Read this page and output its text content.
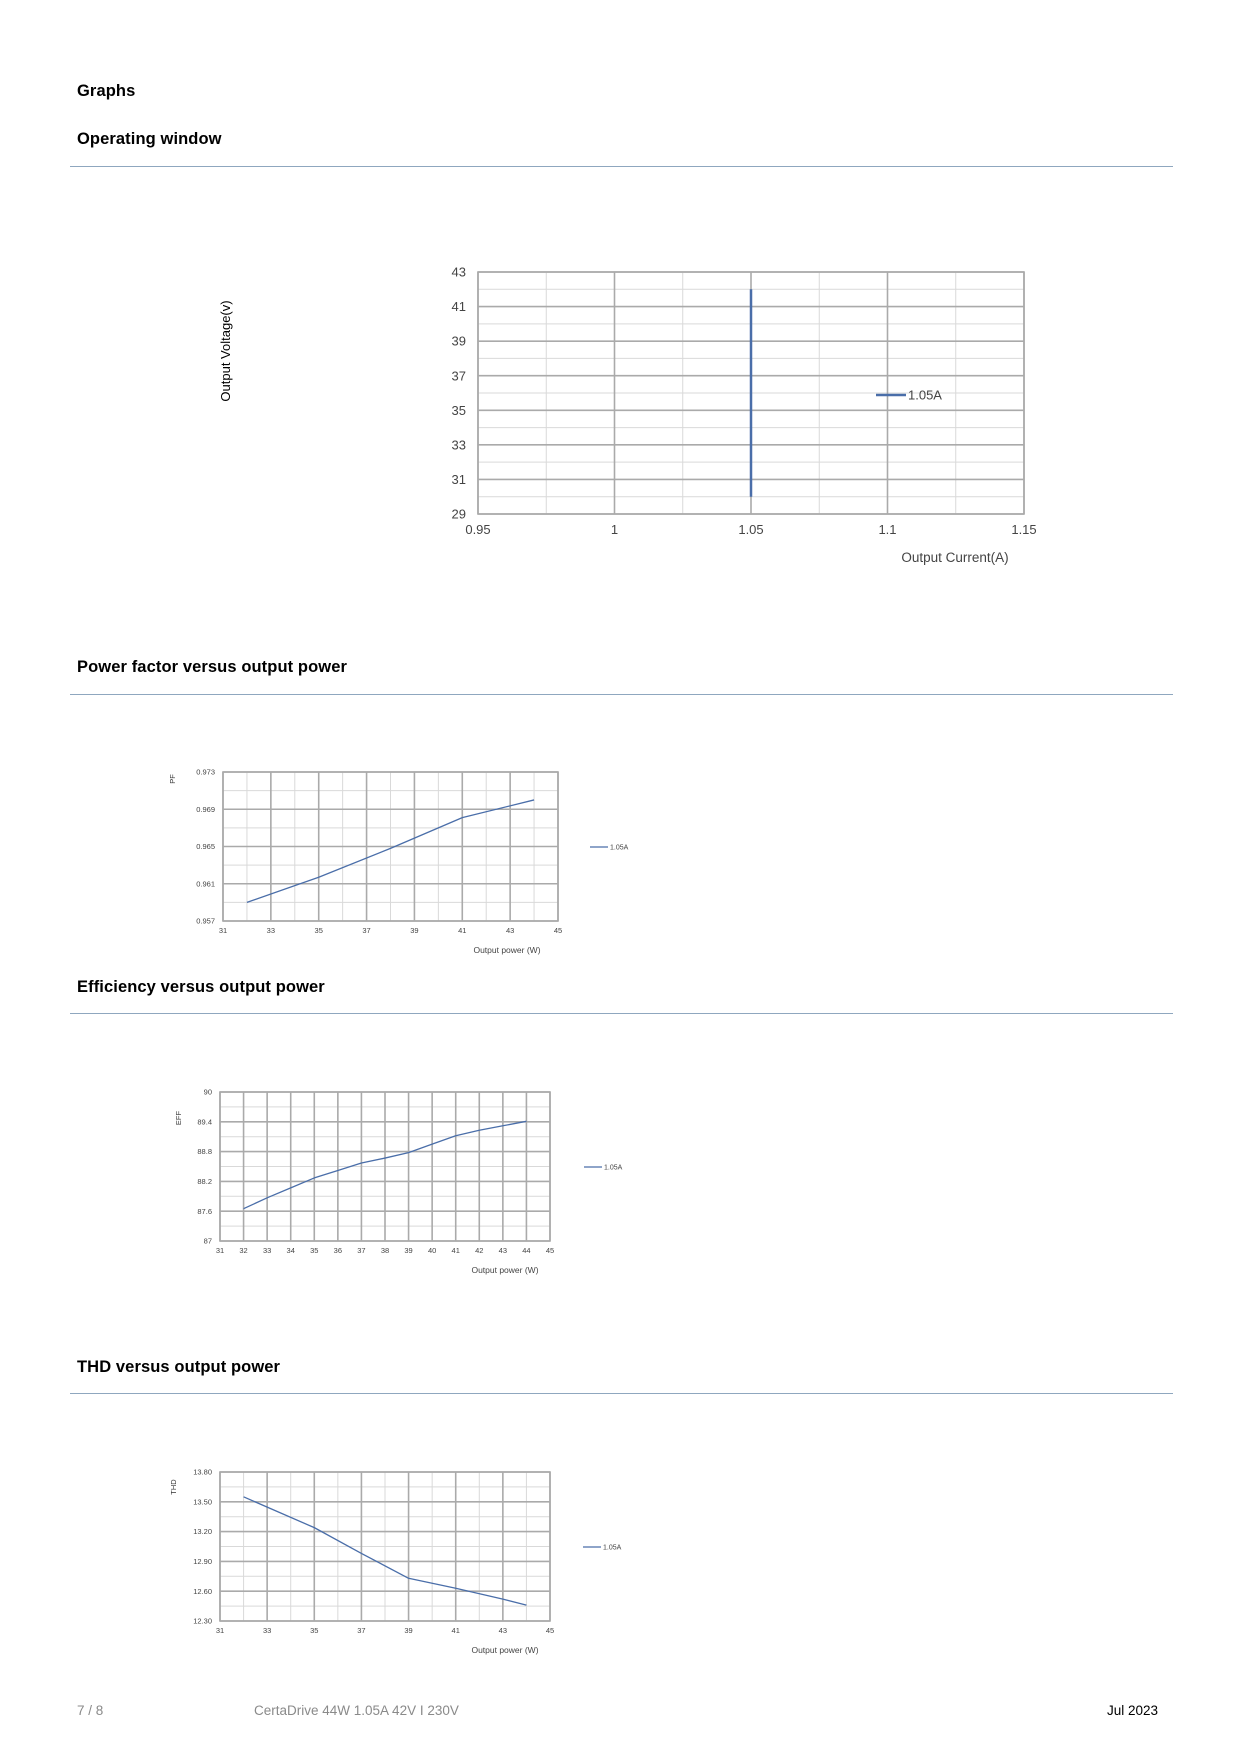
Graphs
Operating window
29
31
33
35
37
39
41
43
0.95	1	1.05	1.1	1.15
1.05A
Output Current(A)
Output Voltage(v)
Power factor versus output power
0.957
0.961
0.965
0.969
0.973
31	33	35	37	39	41	43	45
1.05A
Output power (W)
PF
Efficiency versus output power
87
87.6
88.2
88.8
89.4
90
31 32 33 34 35 36 37 38 39 40 41 42 43 44 45
1.05A
Output power (W)
EFF
THD versus output power
12.30
12.60
12.90
13.20
13.50
13.80
31	33	35	37	39	41	43	45
1.05A
Output power (W)
THD

7 / 8	CertaDrive 44W 1.05A 42V I 230V	Jul 2023
